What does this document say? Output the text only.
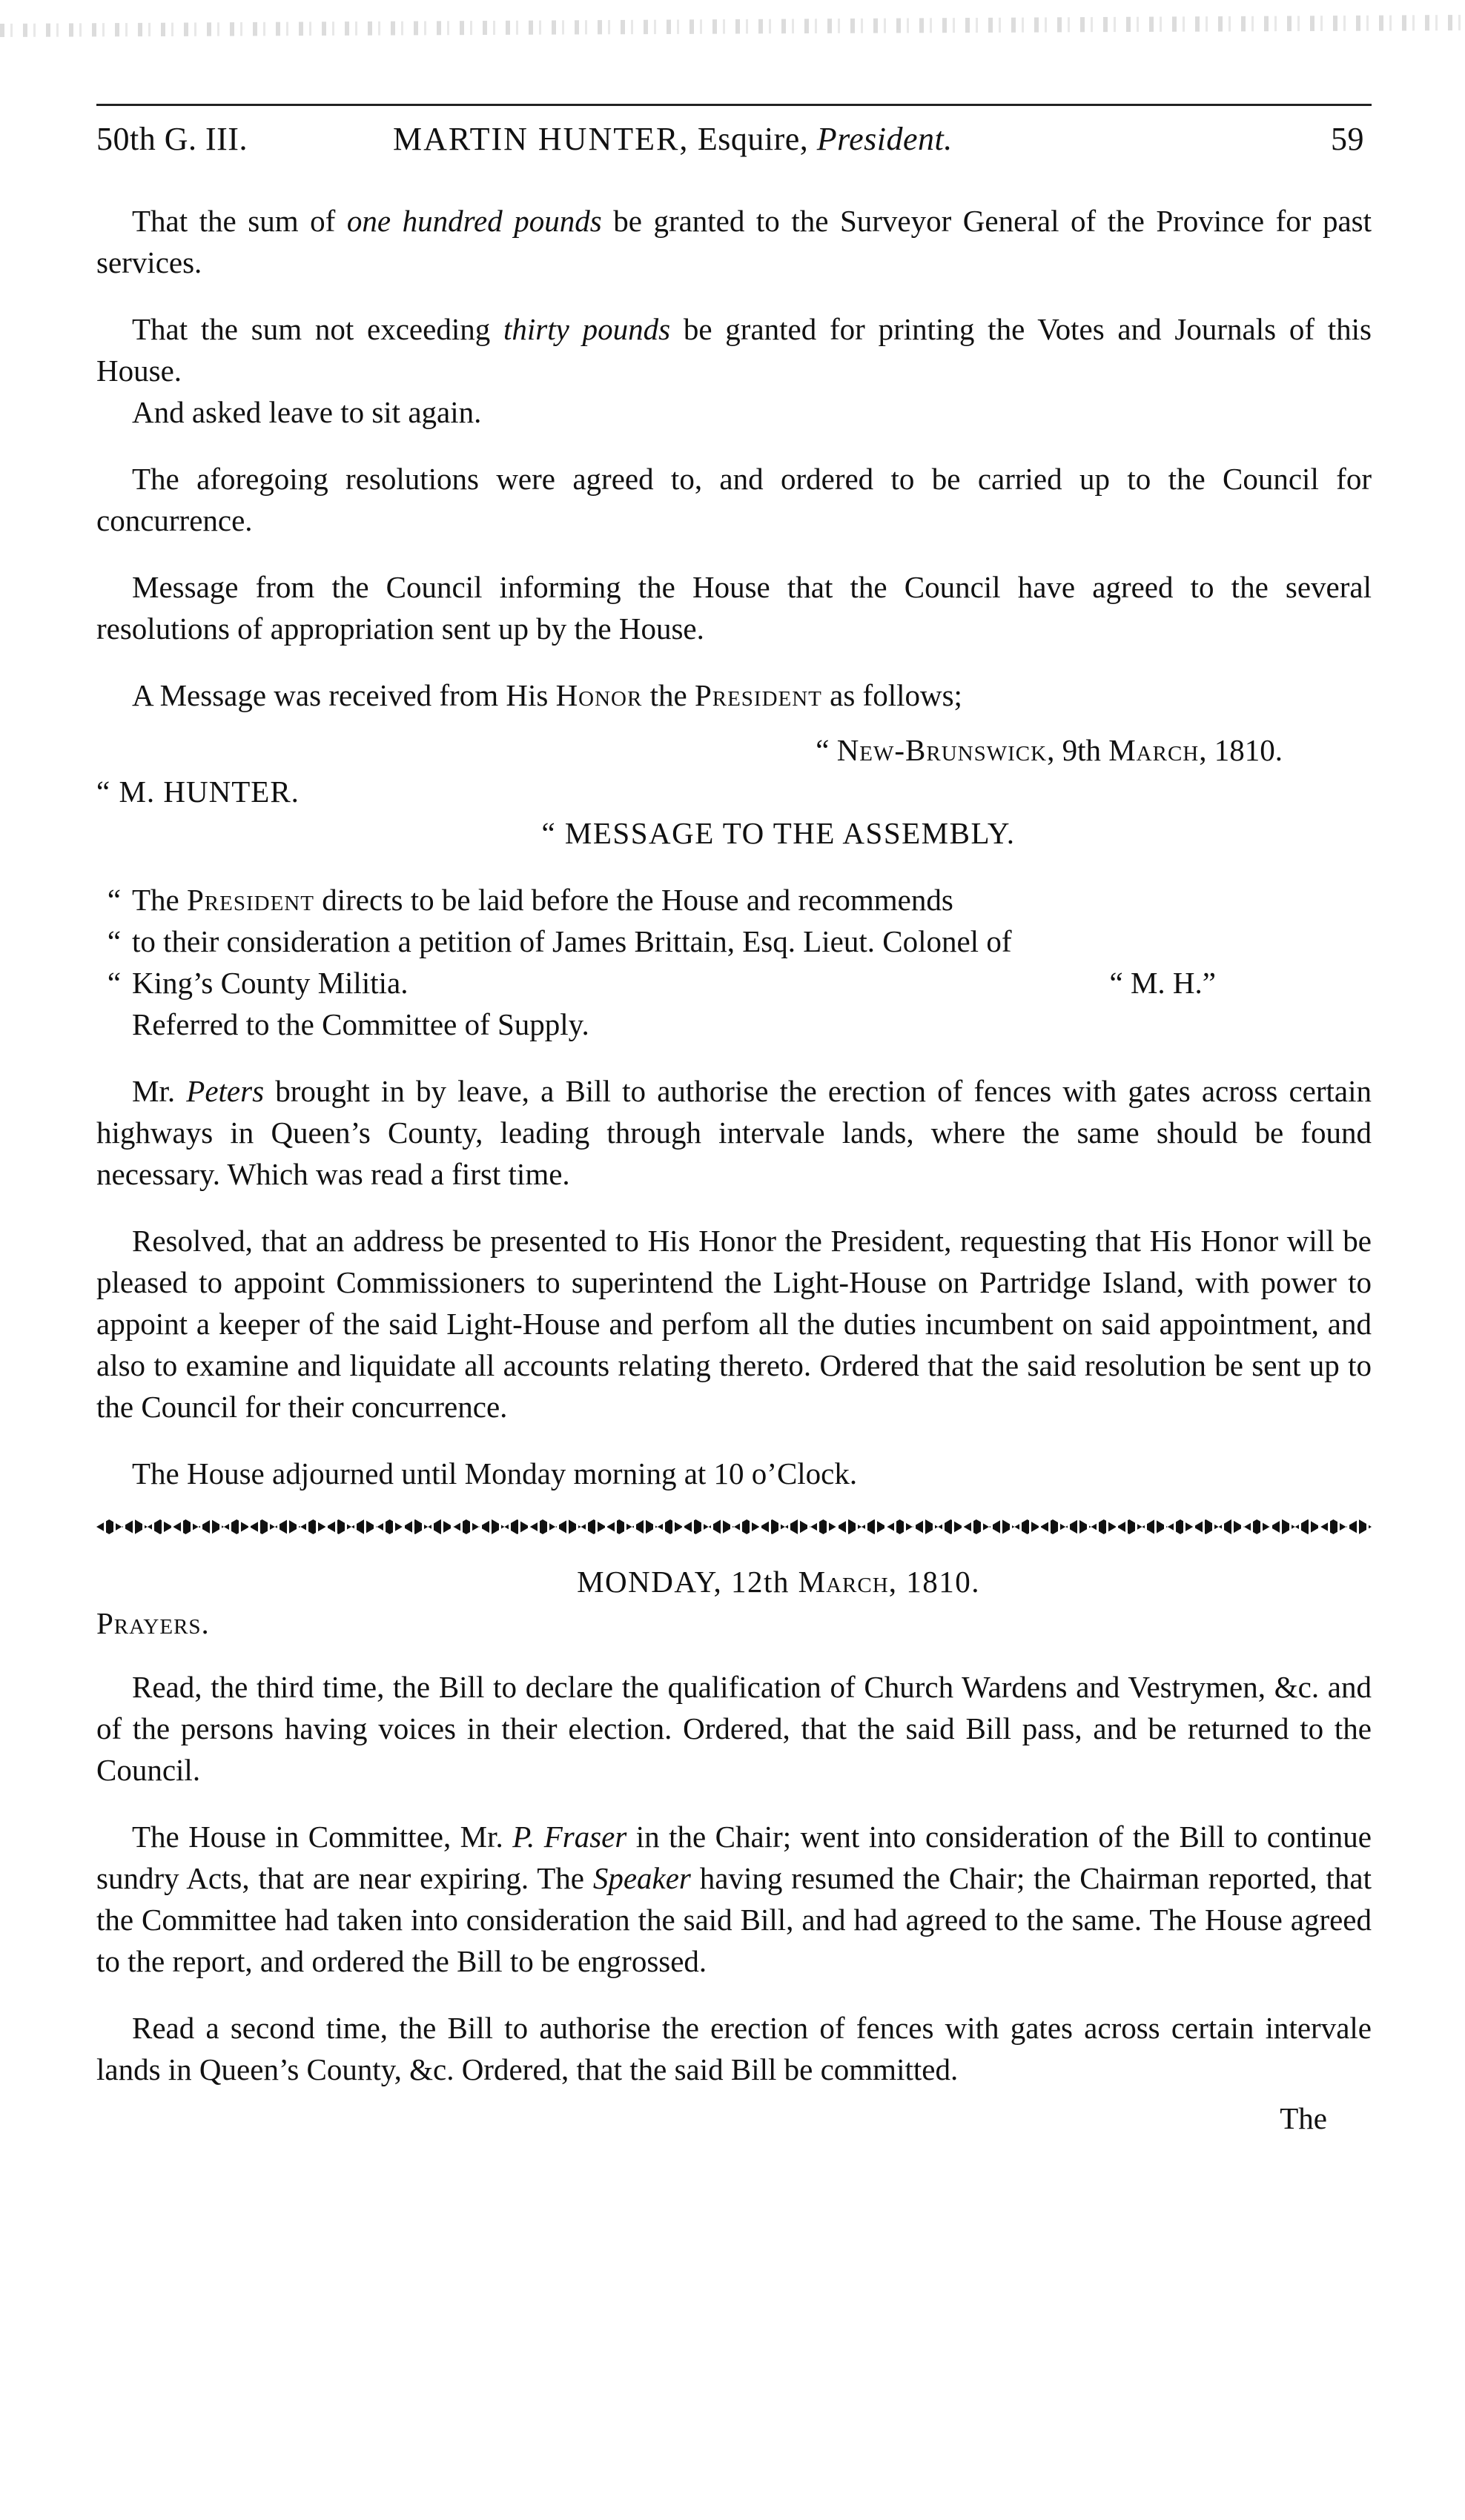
50th G. III.	MARTIN HUNTER, Esquire, President.	59

That the sum of one hundred pounds be granted to the Surveyor General of the Province for past services.

That the sum not exceeding thirty pounds be granted for printing the Votes and Journals of this House.

And asked leave to sit again.

The aforegoing resolutions were agreed to, and ordered to be carried up to the Council for concurrence.

Message from the Council informing the House that the Council have agreed to the several resolutions of appropriation sent up by the House.

A Message was received from His Honor the President as follows;

“ New-Brunswick, 9th March, 1810.

“ M. HUNTER.

“ MESSAGE TO THE ASSEMBLY.

“ The President directs to be laid before the House and recommends

“ to their consideration a petition of James Brittain, Esq. Lieut. Colonel of

“ King’s County Militia.	“ M. H.”

Referred to the Committee of Supply.

Mr. Peters brought in by leave, a Bill to authorise the erection of fences with gates across certain highways in Queen’s County, leading through intervale lands, where the same should be found necessary. Which was read a first time.

Resolved, that an address be presented to His Honor the President, requesting that His Honor will be pleased to appoint Commissioners to superintend the Light-House on Partridge Island, with power to appoint a keeper of the said Light-House and perfom all the duties incumbent on said appointment, and also to examine and liquidate all accounts relating thereto. Ordered that the said resolution be sent up to the Council for their concurrence.

The House adjourned until Monday morning at 10 o’Clock.

MONDAY, 12th March, 1810.

Prayers.

Read, the third time, the Bill to declare the qualification of Church Wardens and Vestrymen, &c. and of the persons having voices in their election. Ordered, that the said Bill pass, and be returned to the Council.

The House in Committee, Mr. P. Fraser in the Chair; went into consideration of the Bill to continue sundry Acts, that are near expiring. The Speaker having resumed the Chair; the Chairman reported, that the Committee had taken into consideration the said Bill, and had agreed to the same. The House agreed to the report, and ordered the Bill to be engrossed.

Read a second time, the Bill to authorise the erection of fences with gates across certain intervale lands in Queen’s County, &c. Ordered, that the said Bill be committed.

The
